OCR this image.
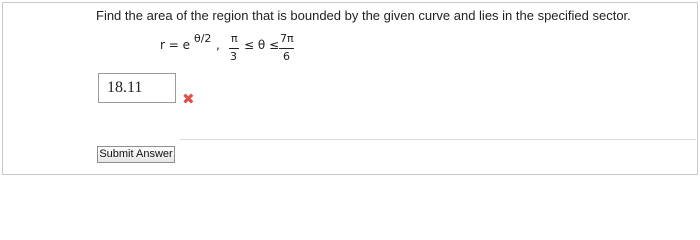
Find the area of the region that is bounded by the given curve and lies in the specified sector.
r = e θ/2 , π
3
≤ θ ≤ 7π
6
18.11
✖
Submit Answer
